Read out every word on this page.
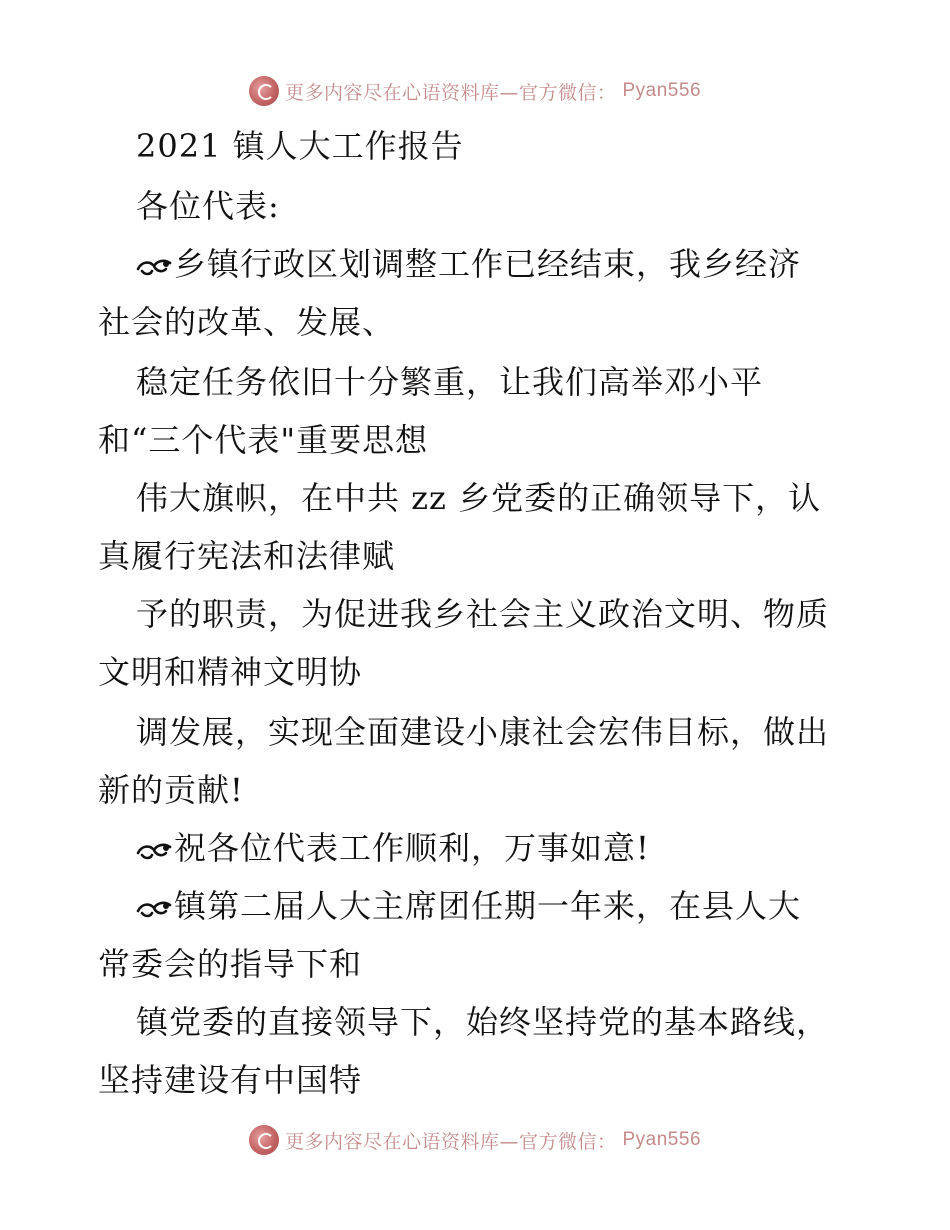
更多内容尽在心语资料库—官方微信： Pyan556
2021 镇人大工作报告
各位代表:
乡镇行政区划调整工作已经结束，我乡经济
社会的改革、发展、
稳定任务依旧十分繁重，让我们高举邓小平
和“三个代表"重要思想
伟大旗帜，在中共 zz 乡党委的正确领导下，认
真履行宪法和法律赋
予的职责，为促进我乡社会主义政治文明、物质
文明和精神文明协
调发展，实现全面建设小康社会宏伟目标，做出
新的贡献!
祝各位代表工作顺利，万事如意!
镇第二届人大主席团任期一年来，在县人大
常委会的指导下和
镇党委的直接领导下，始终坚持党的基本路线，
坚持建设有中国特
更多内容尽在心语资料库—官方微信： Pyan556
